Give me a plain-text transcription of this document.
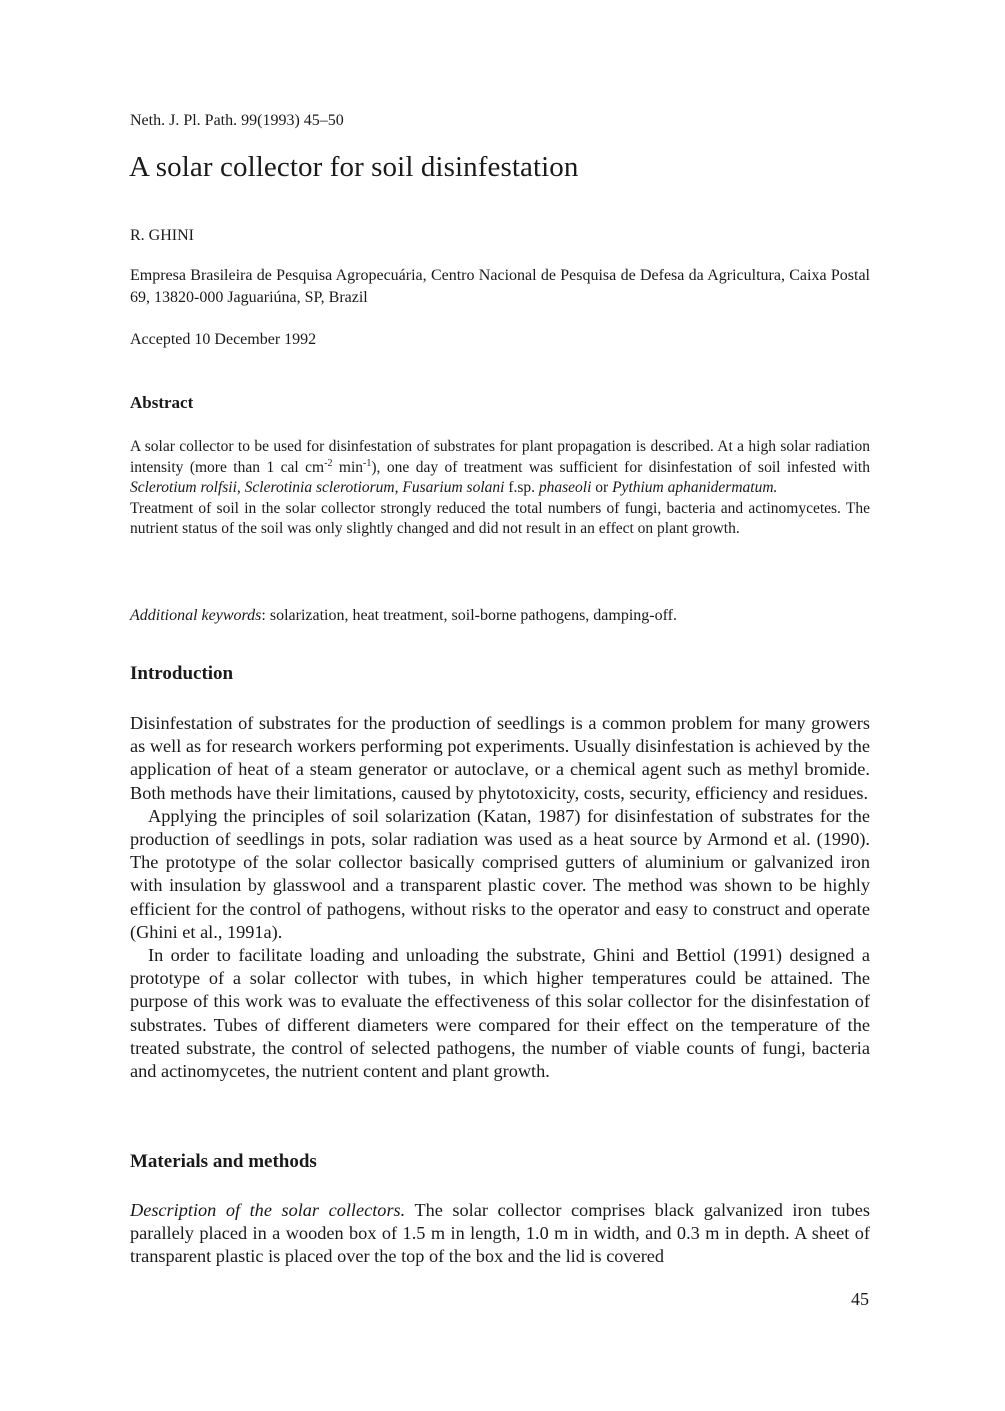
Neth. J. Pl. Path. 99(1993) 45–50
A solar collector for soil disinfestation
R. GHINI
Empresa Brasileira de Pesquisa Agropecuária, Centro Nacional de Pesquisa de Defesa da Agricultura, Caixa Postal 69, 13820-000 Jaguariúna, SP, Brazil
Accepted 10 December 1992
Abstract

A solar collector to be used for disinfestation of substrates for plant propagation is described. At a high solar radiation intensity (more than 1 cal $cm^{-2}$ $\min^{-1}$), one day of treatment was sufficient for disinfestation of soil infested with Sclerotium rolfsii, Sclerotinia sclerotiorum, Fusarium solani f.sp. phaseoli or Pythium aphanidermatum.

Treatment of soil in the solar collector strongly reduced the total numbers of fungi, bacteria and actinomycetes. The nutrient status of the soil was only slightly changed and did not result in an effect on plant growth.

Additional keywords: solarization, heat treatment, soil-borne pathogens, damping-off.
Introduction

Disinfestation of substrates for the production of seedlings is a common problem for many growers as well as for research workers performing pot experiments. Usually disinfestation is achieved by the application of heat of a steam generator or autoclave, or a chemical agent such as methyl bromide. Both methods have their limitations, caused by phytotoxicity, costs, security, efficiency and residues.

Applying the principles of soil solarization (Katan, 1987) for disinfestation of substrates for the production of seedlings in pots, solar radiation was used as a heat source by Armond et al. (1990). The prototype of the solar collector basically comprised gutters of aluminium or galvanized iron with insulation by glasswool and a transparent plastic cover. The method was shown to be highly efficient for the control of pathogens, without risks to the operator and easy to construct and operate (Ghini et al., 1991a).

In order to facilitate loading and unloading the substrate, Ghini and Bettiol (1991) designed a prototype of a solar collector with tubes, in which higher temperatures could be attained. The purpose of this work was to evaluate the effectiveness of this solar collector for the disinfestation of substrates. Tubes of different diameters were compared for their effect on the temperature of the treated substrate, the control of selected pathogens, the number of viable counts of fungi, bacteria and actinomycetes, the nutrient content and plant growth.

Materials and methods
Description of the solar collectors. The solar collector comprises black galvanized iron tubes parallely placed in a wooden box of 1.5 m in length, 1.0 m in width, and 0.3 m in depth. A sheet of transparent plastic is placed over the top of the box and the lid is covered
45
